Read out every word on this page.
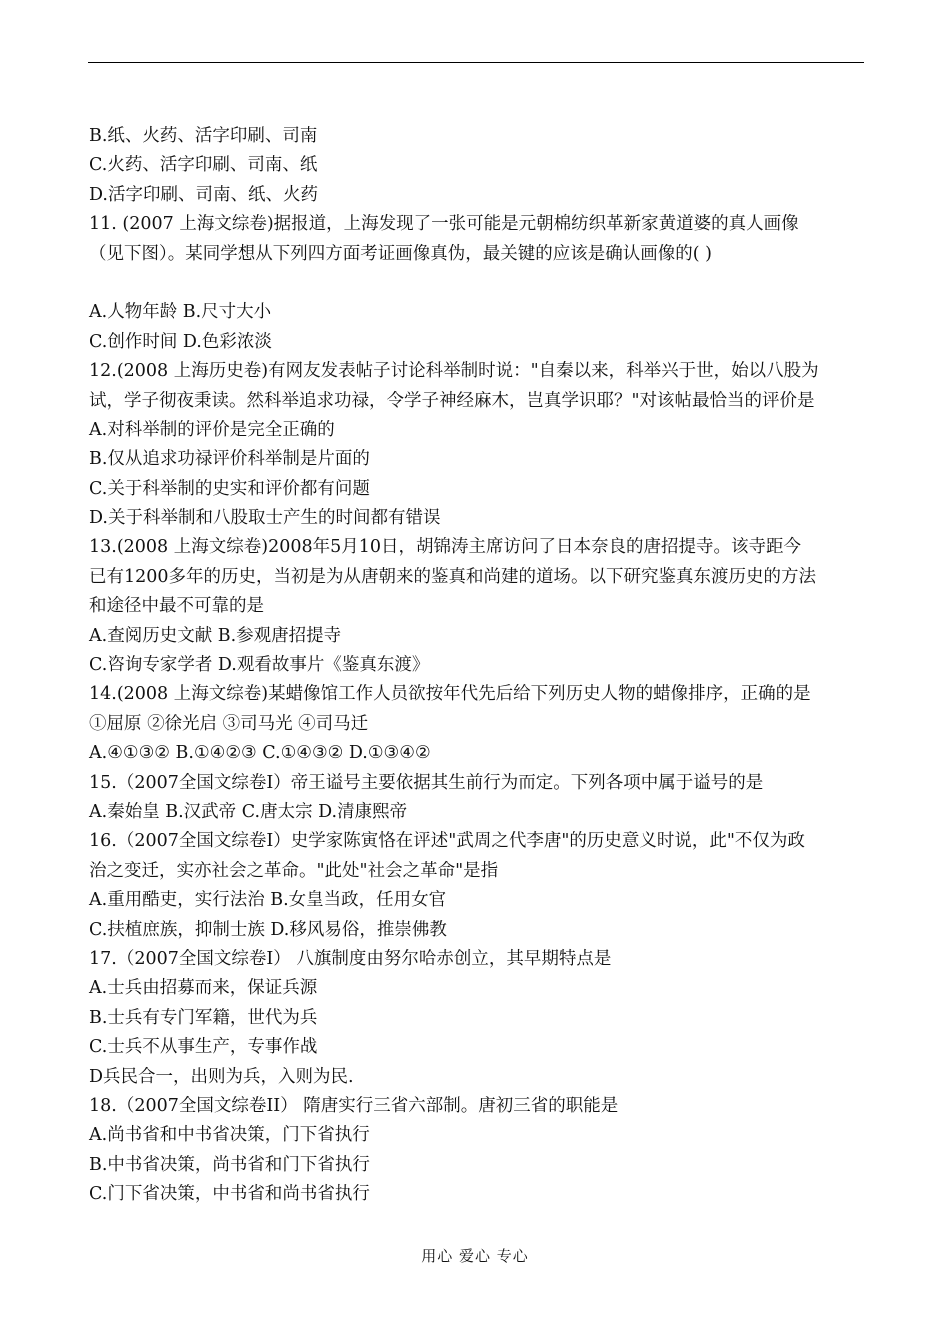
B.纸、火药、活字印刷、司南
C.火药、活字印刷、司南、纸
D.活字印刷、司南、纸、火药
11. (2007 上海文综卷)据报道，上海发现了一张可能是元朝棉纺织革新家黄道婆的真人画像
（见下图）。某同学想从下列四方面考证画像真伪，最关键的应该是确认画像的( )
A.人物年龄 B.尺寸大小
C.创作时间 D.色彩浓淡
12.(2008 上海历史卷)有网友发表帖子讨论科举制时说："自秦以来，科举兴于世，始以八股为
试，学子彻夜秉读。然科举追求功禄，令学子神经麻木，岂真学识耶？"对该帖最恰当的评价是
A.对科举制的评价是完全正确的
B.仅从追求功禄评价科举制是片面的
C.关于科举制的史实和评价都有问题
D.关于科举制和八股取士产生的时间都有错误
13.(2008 上海文综卷)2008年5月10日，胡锦涛主席访问了日本奈良的唐招提寺。该寺距今
已有1200多年的历史，当初是为从唐朝来的鉴真和尚建的道场。以下研究鉴真东渡历史的方法
和途径中最不可靠的是
A.查阅历史文献 B.参观唐招提寺
C.咨询专家学者 D.观看故事片《鉴真东渡》
14.(2008 上海文综卷)某蜡像馆工作人员欲按年代先后给下列历史人物的蜡像排序，正确的是
①屈原 ②徐光启 ③司马光 ④司马迁
A.④①③② B.①④②③ C.①④③② D.①③④②
15.（2007全国文综卷Ⅰ）帝王谥号主要依据其生前行为而定。下列各项中属于谥号的是
A.秦始皇 B.汉武帝 C.唐太宗 D.清康熙帝
16.（2007全国文综卷Ⅰ）史学家陈寅恪在评述"武周之代李唐"的历史意义时说，此"不仅为政
治之变迁，实亦社会之革命。"此处"社会之革命"是指
A.重用酷吏，实行法治 B.女皇当政，任用女官
C.扶植庶族，抑制士族 D.移风易俗，推崇佛教
17.（2007全国文综卷Ⅰ） 八旗制度由努尔哈赤创立，其早期特点是
A.士兵由招募而来，保证兵源
B.士兵有专门军籍，世代为兵
C.士兵不从事生产，专事作战
D兵民合一，出则为兵，入则为民.
18.（2007全国文综卷II） 隋唐实行三省六部制。唐初三省的职能是
A.尚书省和中书省决策，门下省执行
B.中书省决策，尚书省和门下省执行
C.门下省决策，中书省和尚书省执行
用心 爱心 专心
